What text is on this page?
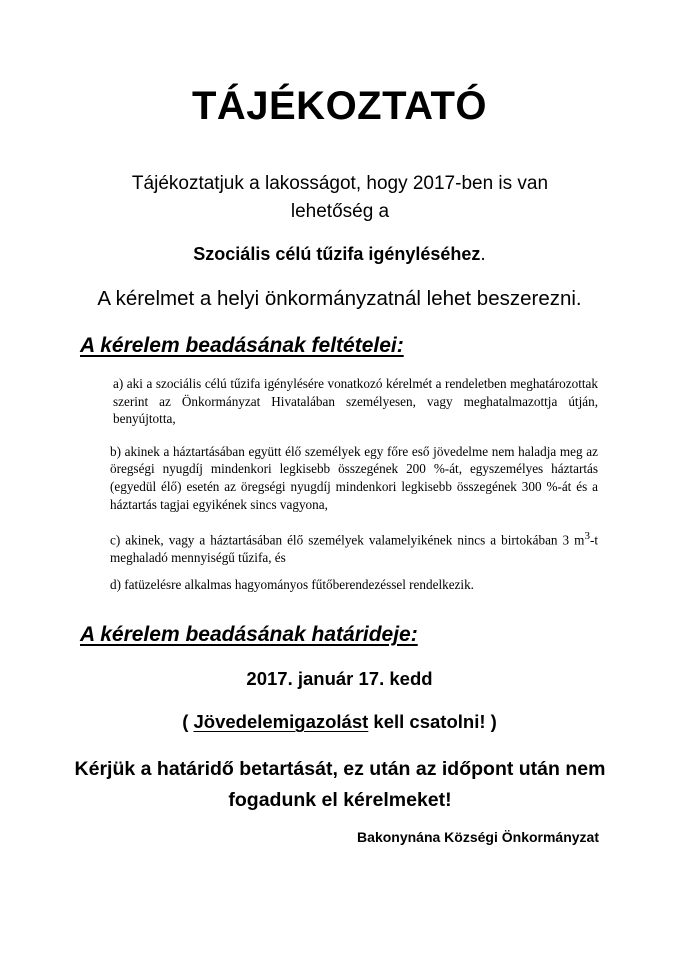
TÁJÉKOZTATÓ

Tájékoztatjuk a lakosságot, hogy 2017-ben is van lehetőség a

Szociális célú tűzifa igényléséhez.

A kérelmet a helyi önkormányzatnál lehet beszerezni.

A kérelem beadásának feltételei:

a) aki a szociális célú tűzifa igénylésére vonatkozó kérelmét a rendeletben meghatározottak szerint az Önkormányzat Hivatalában személyesen, vagy meghatalmazottja útján, benyújtotta,

b) akinek a háztartásában együtt élő személyek egy főre eső jövedelme nem haladja meg az öregségi nyugdíj mindenkori legkisebb összegének 200 %-át, egyszemélyes háztartás (egyedül élő) esetén az öregségi nyugdíj mindenkori legkisebb összegének 300 %-át és a háztartás tagjai egyikének sincs vagyona,

c) akinek, vagy a háztartásában élő személyek valamelyikének nincs a birtokában 3 $m^3-t$ meghaladó mennyiségű tűzifa, és

d) fatüzelésre alkalmas hagyományos fűtőberendezéssel rendelkezik.

A kérelem beadásának határideje:

2017. január 17. kedd

( Jövedelemigazolást kell csatolni! )

Kérjük a határidő betartását, ez után az időpont után nem fogadunk el kérelmeket!

Bakonynána Községi Önkormányzat
